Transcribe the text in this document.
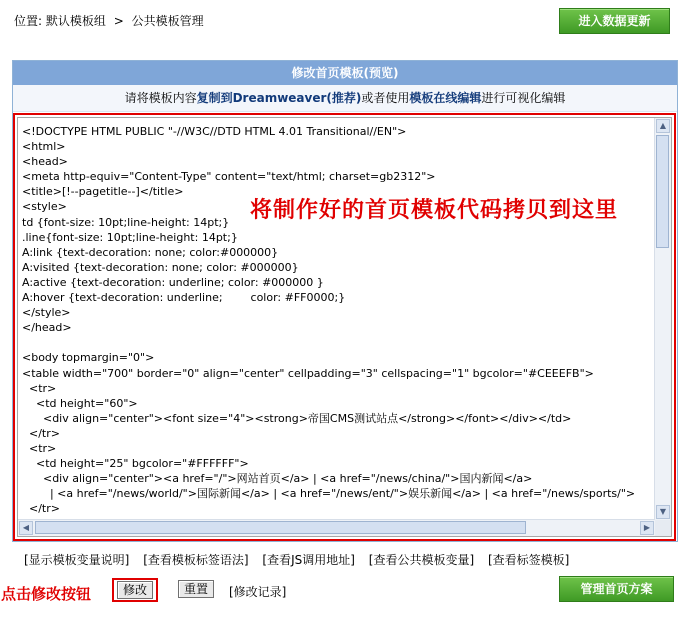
位置: 默认模板组 > 公共模板管理	进入数据更新
修改首页模板(预览)
请将模板内容复制到Dreamweaver(推荐)或者使用模板在线编辑进行可视化编辑
<!DOCTYPE HTML PUBLIC "-//W3C//DTD HTML 4.01 Transitional//EN">
<html>
<head>
<meta http-equiv="Content-Type" content="text/html; charset=gb2312">
<title>[!--pagetitle--]</title>
<style>
td {font-size: 10pt;line-height: 14pt;}
.line{font-size: 10pt;line-height: 14pt;}
A:link {text-decoration: none; color:#000000}
A:visited {text-decoration: none; color: #000000}
A:active {text-decoration: underline; color: #000000 }
A:hover {text-decoration: underline;        color: #FF0000;}
</style>
</head>

<body topmargin="0">
<table width="700" border="0" align="center" cellpadding="3" cellspacing="1" bgcolor="#CEEEFB">
<tr>
<td height="60">
<div align="center"><font size="4"><strong>帝国CMS测试站点</strong></font></div></td>
</tr>
<tr>
<td height="25" bgcolor="#FFFFFF">
<div align="center"><a href="/">网站首页</a> | <a href="/news/china/">国内新闻</a>
| <a href="/news/world/">国际新闻</a> | <a href="/news/ent/">娱乐新闻</a> | <a href="/news/sports/">
</tr>
将制作好的首页模板代码拷贝到这里
▲
▼
◀	▶
[显示模板变量说明] [查看模板标签语法] [查看JS调用地址] [查看公共模板变量] [查看标签模板]
点击修改按钮	修改	重置	[修改记录]	管理首页方案
